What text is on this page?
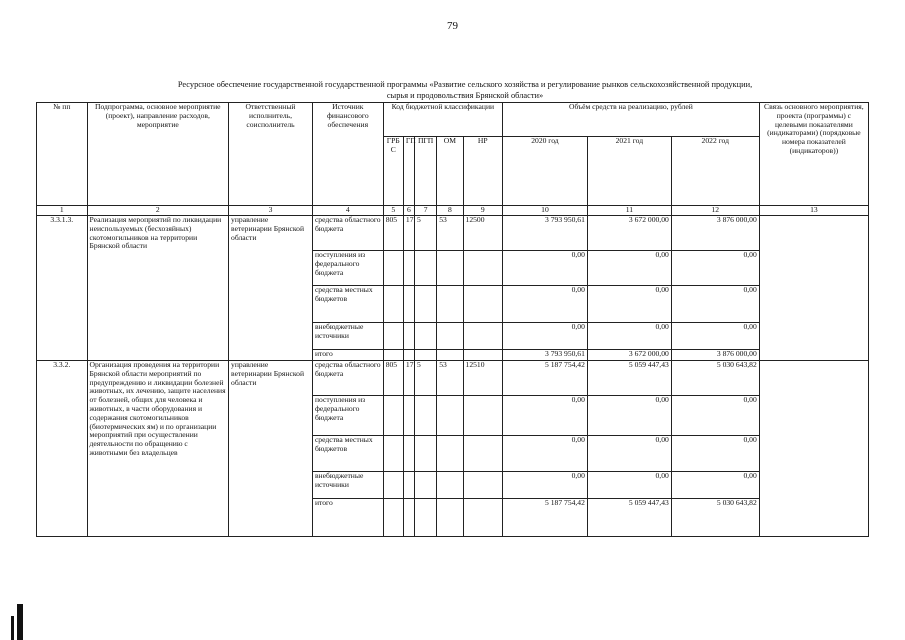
79
Ресурсное обеспечение государственной государственной программы «Развитие сельского хозяйства и регулирование рынков сельскохозяйственной продукции,
сырья и продовольствия Брянской области»
№ пп	Подпрограмма, основное мероприятие (проект), направление расходов, мероприятие	Ответственный исполнитель, соисполнитель	Источник финансового обеспечения	Код бюджетной классификации					Объём средств на реализацию, рублей			Связь основного мероприятия, проекта (программы) с целевыми показателями (индикаторами) (порядковые номера показателей (индикаторов))
				ГРБ С	ГП	ПГП	ОМ	НР	2020 год	2021 год	2022 год	
1	2	3	4	5	6	7	8	9	10	11	12	13
3.3.1.3.	Реализация мероприятий по ликвидации неиспользуемых (бесхозяйных) скотомогильников на территории Брянской области	управление ветеринарии Брянской области	средства областного бюджета	805	17	5	53	12500	3 793 950,61	3 672 000,00	3 876 000,00	
			поступления из федерального бюджета						0,00	0,00	0,00	
			средства местных бюджетов						0,00	0,00	0,00	
			внебюджетные источники						0,00	0,00	0,00	
			итого						3 793 950,61	3 672 000,00	3 876 000,00	
3.3.2.	Организация проведения на территории Брянской области мероприятий по предупреждению и ликвидации болезней животных, их лечению, защите населения от болезней, общих для человека и животных, в части оборудования и содержания скотомогильников (биотермических ям) и по организации мероприятий при осуществлении деятельности по обращению с животными без владельцев	управление ветеринарии Брянской области	средства областного бюджета	805	17	5	53	12510	5 187 754,42	5 059 447,43	5 030 643,82	
			поступления из федерального бюджета						0,00	0,00	0,00	
			средства местных бюджетов						0,00	0,00	0,00	
			внебюджетные источники						0,00	0,00	0,00	
			итого						5 187 754,42	5 059 447,43	5 030 643,82	
